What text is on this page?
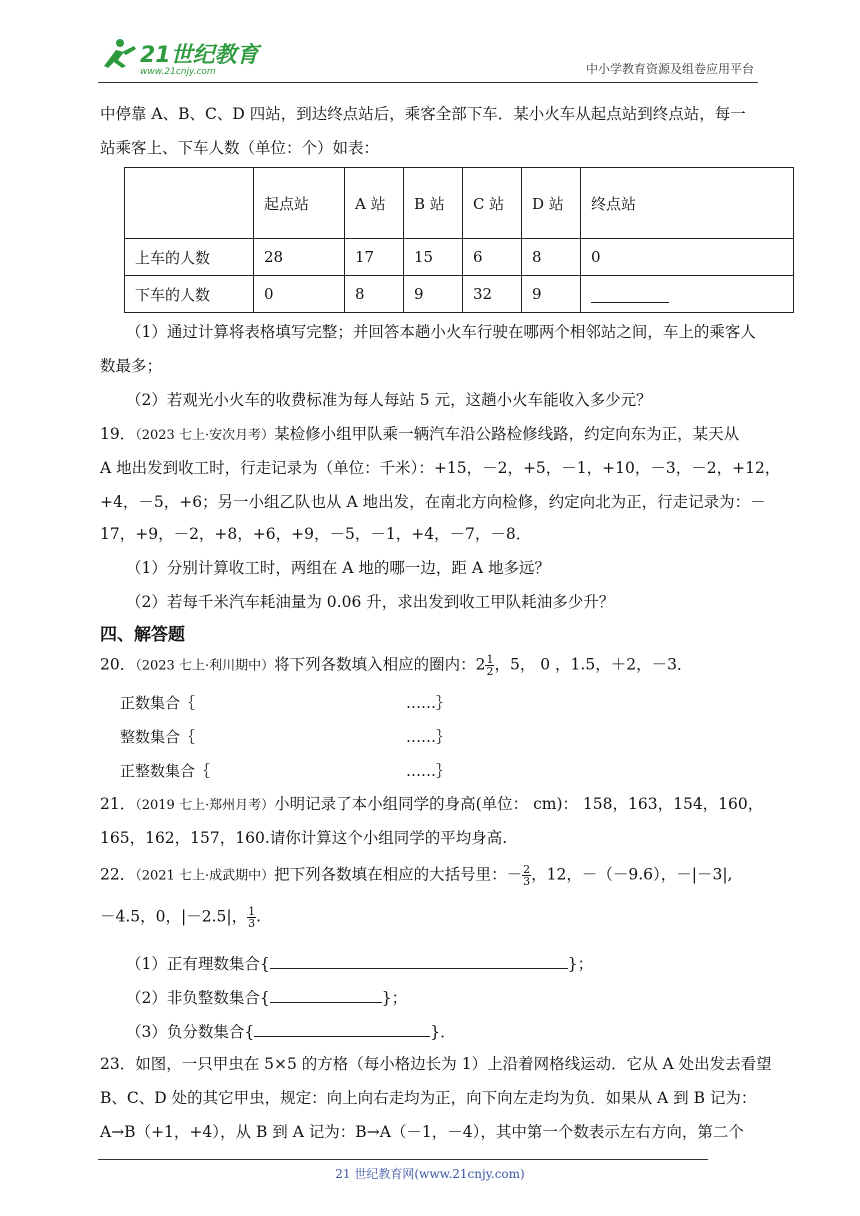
21世纪教育
www.21cnjy.com	中小学教育资源及组卷应用平台
中停靠 A、B、C、D 四站，到达终点站后，乘客全部下车．某小火车从起点站到终点站，每一
站乘客上、下车人数（单位：个）如表：
	起点站	A 站	B 站	C 站	D 站	终点站
上车的人数	28	17	15	6	8	0
下车的人数	0	8	9	32	9	
（1）通过计算将表格填写完整；并回答本趟小火车行驶在哪两个相邻站之间，车上的乘客人
数最多；
（2）若观光小火车的收费标准为每人每站 5 元，这趟小火车能收入多少元？
19．（2023 七上·安次月考）某检修小组甲队乘一辆汽车沿公路检修线路，约定向东为正，某天从
A 地出发到收工时，行走记录为（单位：千米）：+15，－2，+5，－1，+10，－3，－2，+12，
+4，－5，+6；另一小组乙队也从 A 地出发，在南北方向检修，约定向北为正，行走记录为：－
17，+9，－2，+8，+6，+9，－5，－1，+4，－7，－8．
（1）分别计算收工时，两组在 A 地的哪一边，距 A 地多远？
（2）若每千米汽车耗油量为 0.06 升，求出发到收工甲队耗油多少升？
四、解答题
20．（2023 七上·利川期中）将下列各数填入相应的圈内：$2 \frac{1}{2}$ ，5， 0 ，1.5，＋2，－3．
正数集合｛	……｝
整数集合｛	……｝
正整数集合｛	……｝
21．（2019 七上·郑州月考）小明记录了本小组同学的身高(单位： cm)： 158，163，154，160，
165，162，157，160.请你计算这个小组同学的平均身高.
22．（2021 七上·成武期中）把下列各数填在相应的大括号里：－ $\frac{2}{3}$ ，12，－（－9.6），－|－3|,
－4.5，0，|－2.5|， $\frac{1}{3}$ .
（1）正有理数集合{	}；
（2）非负整数集合{	}；
（3）负分数集合{	}．
23．如图，一只甲虫在 5×5 的方格（每小格边长为 1）上沿着网格线运动．它从 A 处出发去看望
B、C、D 处的其它甲虫，规定：向上向右走均为正，向下向左走均为负．如果从 A 到 B 记为：
A→B（+1，+4），从 B 到 A 记为：B→A（－1，－4），其中第一个数表示左右方向，第二个
21 世纪教育网(www.21cnjy.com)
